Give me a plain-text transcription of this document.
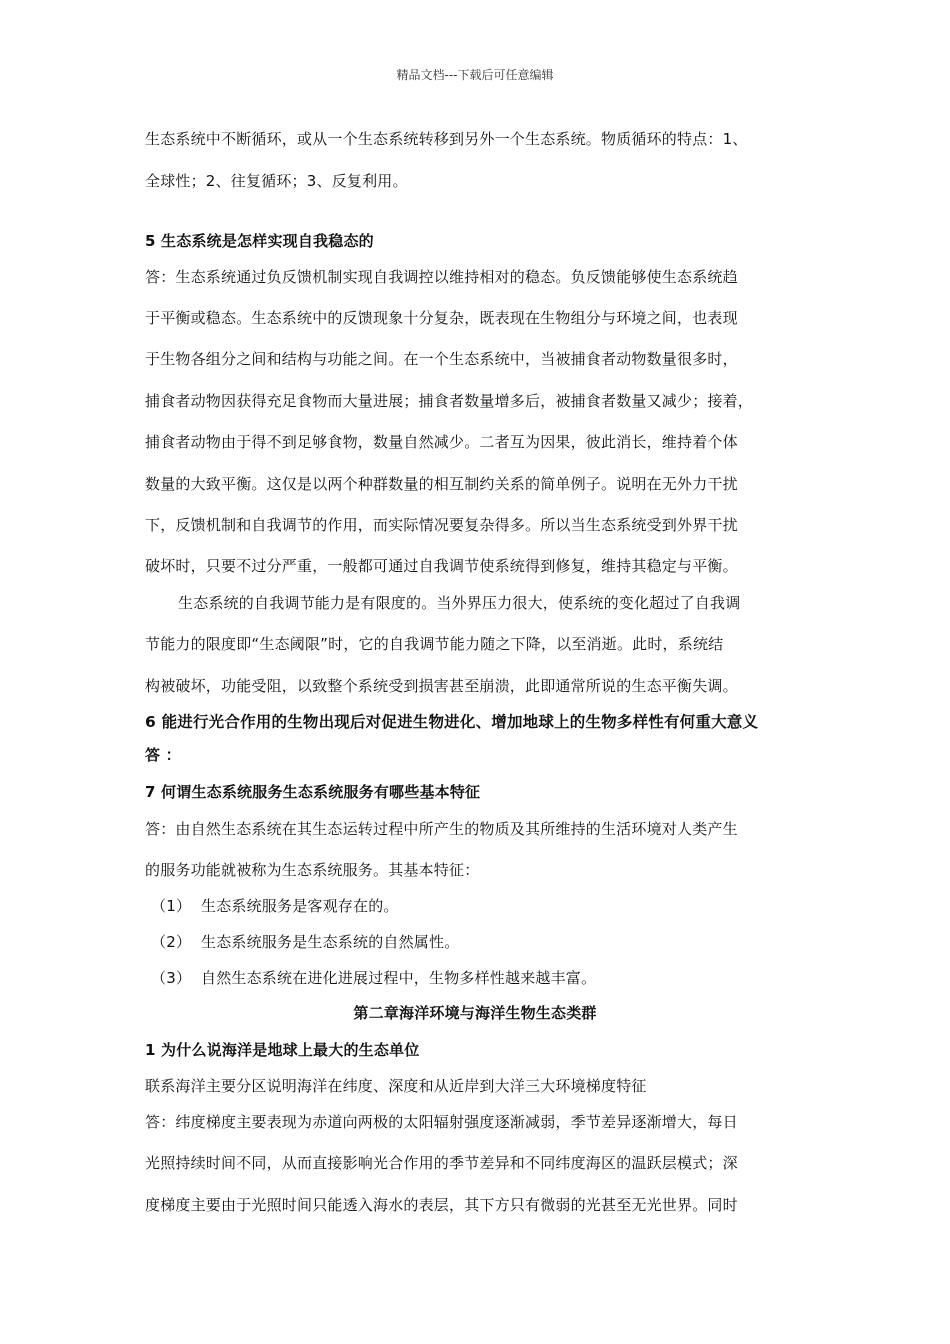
精品文档---下载后可任意编辑
生态系统中不断循环，或从一个生态系统转移到另外一个生态系统。物质循环的特点：1、
全球性；2、往复循环；3、反复利用。
5 生态系统是怎样实现自我稳态的
答：生态系统通过负反馈机制实现自我调控以维持相对的稳态。负反馈能够使生态系统趋
于平衡或稳态。生态系统中的反馈现象十分复杂，既表现在生物组分与环境之间，也表现
于生物各组分之间和结构与功能之间。在一个生态系统中，当被捕食者动物数量很多时，
捕食者动物因获得充足食物而大量进展；捕食者数量增多后，被捕食者数量又减少；接着，
捕食者动物由于得不到足够食物，数量自然减少。二者互为因果，彼此消长，维持着个体
数量的大致平衡。这仅是以两个种群数量的相互制约关系的简单例子。说明在无外力干扰
下，反馈机制和自我调节的作用，而实际情况要复杂得多。所以当生态系统受到外界干扰
破坏时，只要不过分严重，一般都可通过自我调节使系统得到修复，维持其稳定与平衡。
生态系统的自我调节能力是有限度的。当外界压力很大，使系统的变化超过了自我调
节能力的限度即“生态阈限”时，它的自我调节能力随之下降，以至消逝。此时，系统结
构被破坏，功能受阻，以致整个系统受到损害甚至崩溃，此即通常所说的生态平衡失调。
6 能进行光合作用的生物出现后对促进生物进化、增加地球上的生物多样性有何重大意义
答 ：
7 何谓生态系统服务生态系统服务有哪些基本特征
答：由自然生态系统在其生态运转过程中所产生的物质及其所维持的生活环境对人类产生
的服务功能就被称为生态系统服务。其基本特征：
（1） 生态系统服务是客观存在的。
（2） 生态系统服务是生态系统的自然属性。
（3） 自然生态系统在进化进展过程中，生物多样性越来越丰富。
第二章海洋环境与海洋生物生态类群
1 为什么说海洋是地球上最大的生态单位
联系海洋主要分区说明海洋在纬度、深度和从近岸到大洋三大环境梯度特征
答：纬度梯度主要表现为赤道向两极的太阳辐射强度逐渐减弱，季节差异逐渐增大，每日
光照持续时间不同，从而直接影响光合作用的季节差异和不同纬度海区的温跃层模式；深
度梯度主要由于光照时间只能透入海水的表层，其下方只有微弱的光甚至无光世界。同时
